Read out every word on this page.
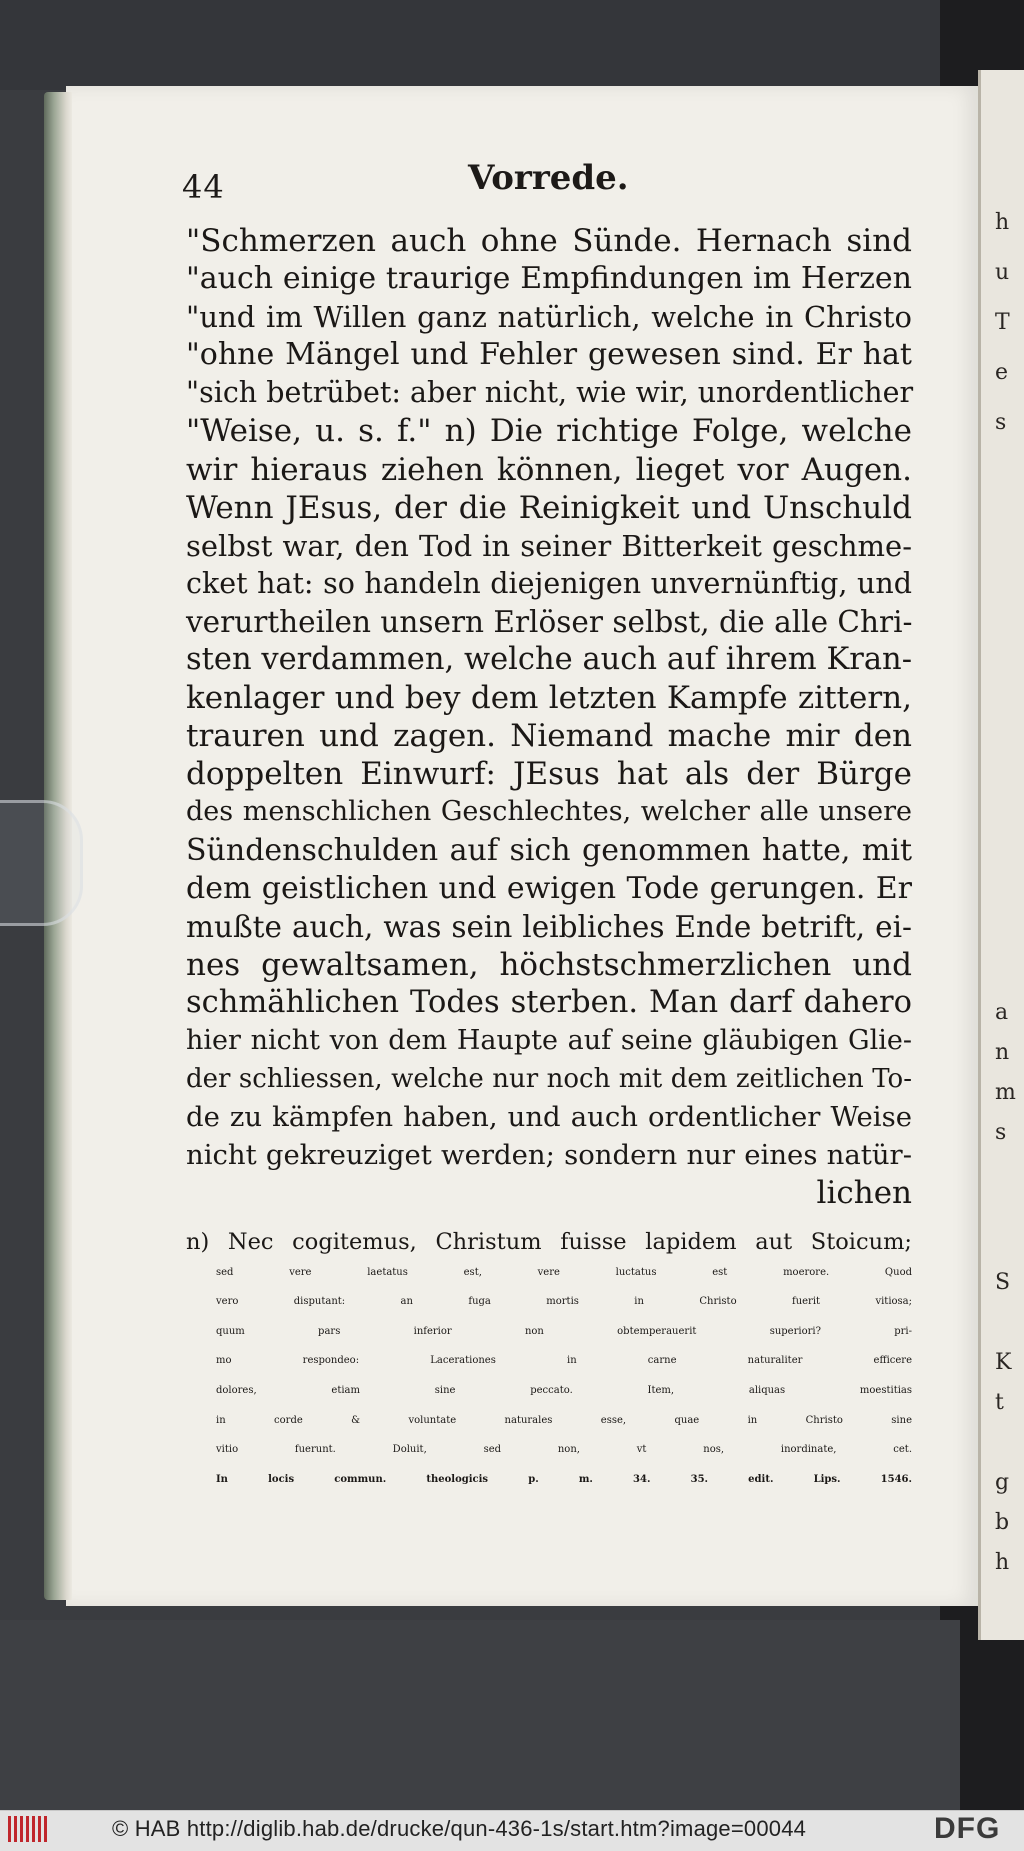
h
u
T
e
s
a
n
m
s
S
K
t
g
b
h
44	Vorrede.
"Schmerzen auch ohne Sünde. Hernach sind
"auch einige traurige Empfindungen im Herzen
"und im Willen ganz natürlich, welche in Christo
"ohne Mängel und Fehler gewesen sind. Er hat
"sich betrübet: aber nicht, wie wir, unordentlicher
"Weise, u. s. f." n) Die richtige Folge, welche
wir hieraus ziehen können, lieget vor Augen.
Wenn JEsus, der die Reinigkeit und Unschuld
selbst war, den Tod in seiner Bitterkeit geschme-
cket hat: so handeln diejenigen unvernünftig, und
verurtheilen unsern Erlöser selbst, die alle Chri-
sten verdammen, welche auch auf ihrem Kran-
kenlager und bey dem letzten Kampfe zittern,
trauren und zagen. Niemand mache mir den
doppelten Einwurf: JEsus hat als der Bürge
des menschlichen Geschlechtes, welcher alle unsere
Sündenschulden auf sich genommen hatte, mit
dem geistlichen und ewigen Tode gerungen. Er
mußte auch, was sein leibliches Ende betrift, ei-
nes gewaltsamen, höchstschmerzlichen und
schmählichen Todes sterben. Man darf dahero
hier nicht von dem Haupte auf seine gläubigen Glie-
der schliessen, welche nur noch mit dem zeitlichen To-
de zu kämpfen haben, und auch ordentlicher Weise
nicht gekreuziget werden; sondern nur eines natür-
lichen
n) Nec cogitemus, Christum fuisse lapidem aut Stoicum;
sed vere laetatus est, vere luctatus est moerore. Quod
vero disputant: an fuga mortis in Christo fuerit vitiosa;
quum pars inferior non obtemperauerit superiori? pri-
mo respondeo: Lacerationes in carne naturaliter efficere
dolores, etiam sine peccato. Item, aliquas moestitias
in corde & voluntate naturales esse, quae in Christo sine
vitio fuerunt. Doluit, sed non, vt nos, inordinate, cet.
In locis commun. theologicis p. m. 34. 35. edit. Lips. 1546.
© HAB http://diglib.hab.de/drucke/qun-436-1s/start.htm?image=00044	DFG
